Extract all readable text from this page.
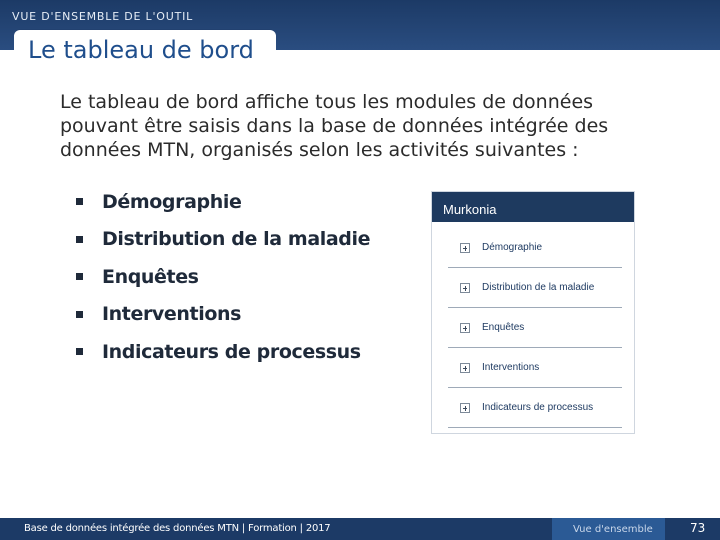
VUE D'ENSEMBLE DE L'OUTIL
Le tableau de bord

Le tableau de bord affiche tous les modules de données pouvant être saisis dans la base de données intégrée des données MTN, organisés selon les activités suivantes :

Démographie
Distribution de la maladie
Enquêtes
Interventions
Indicateurs de processus
Murkonia
Démographie
Distribution de la maladie
Enquêtes
Interventions
Indicateurs de processus
Base de données intégrée des données MTN | Formation | 2017	Vue d'ensemble	73
